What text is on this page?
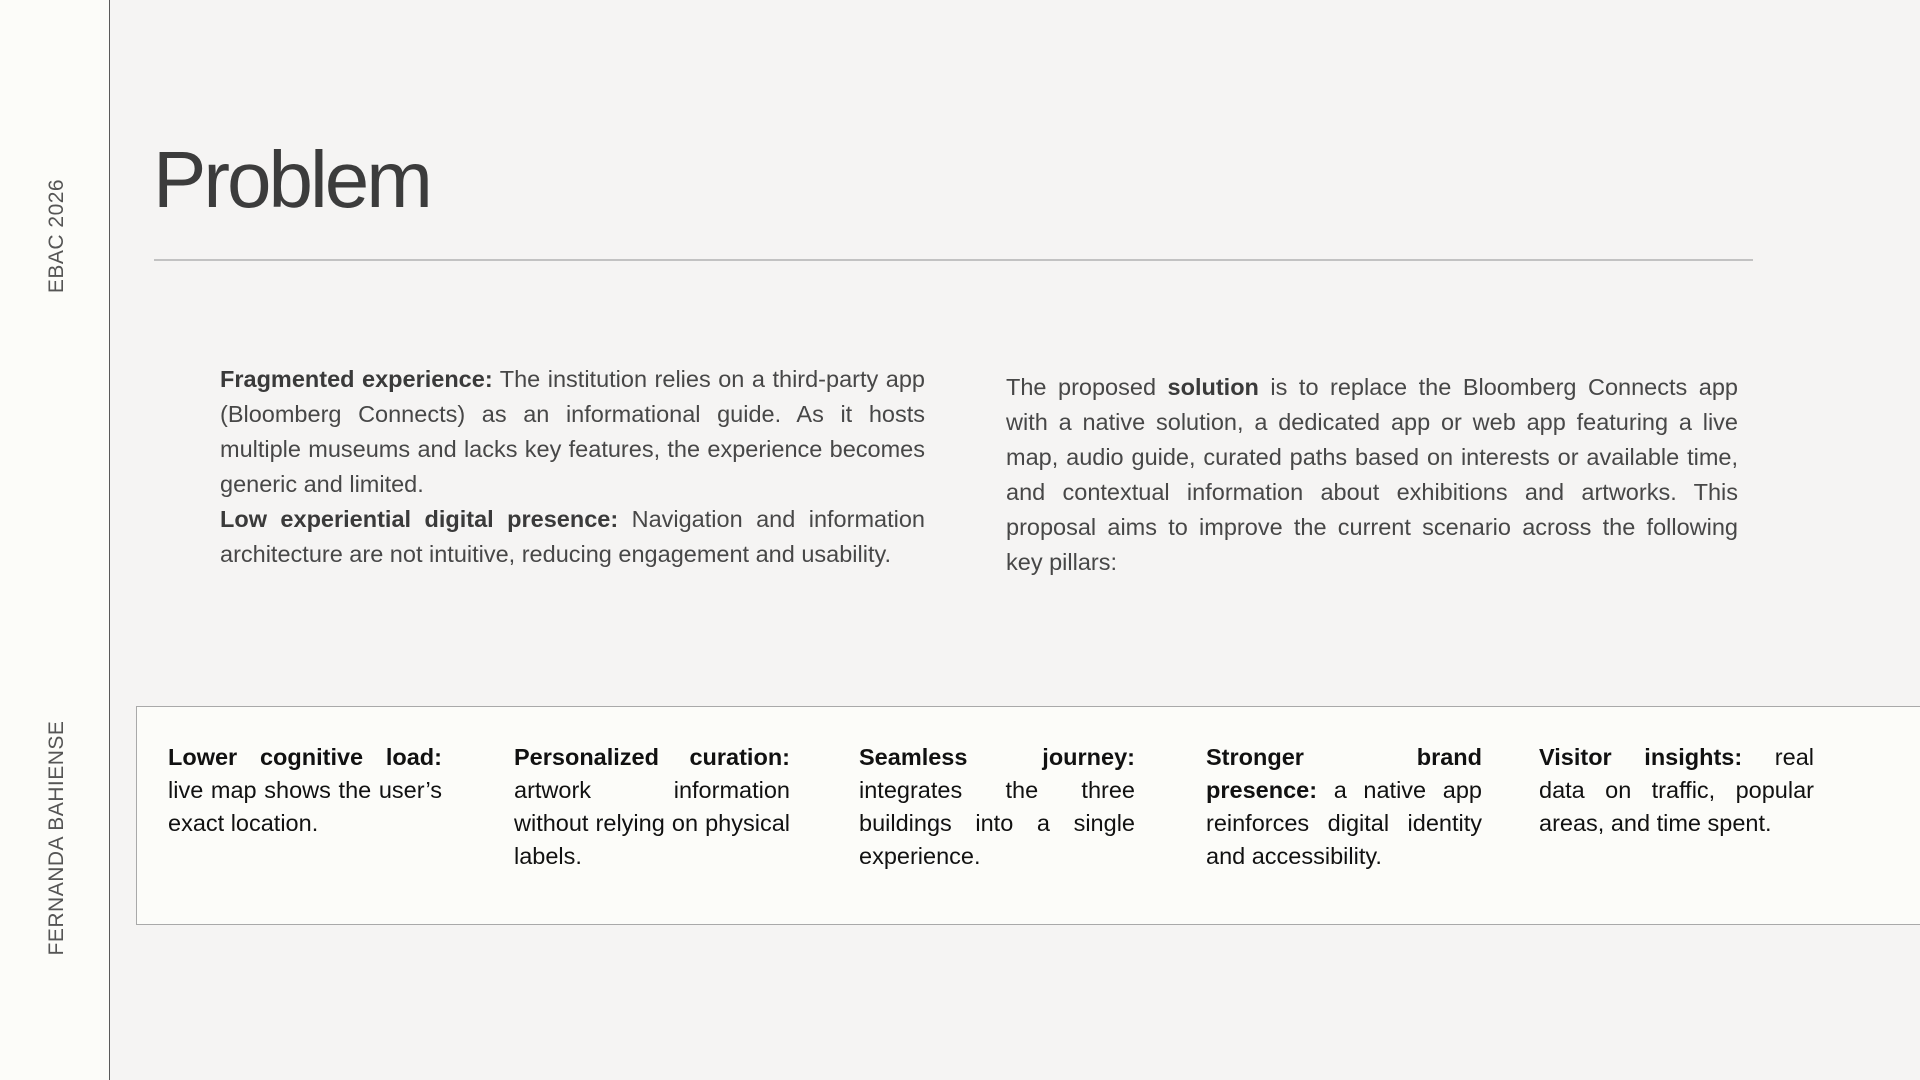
EBAC 2026
FERNANDA BAHIENSE
Problem

Fragmented experience: The institution relies on a third-party app (Bloomberg Connects) as an informational guide. As it hosts multiple museums and lacks key features, the experience becomes generic and limited.

Low experiential digital presence: Navigation and information architecture are not intuitive, reducing engagement and usability.

The proposed solution is to replace the Bloomberg Connects app with a native solution, a dedicated app or web app featuring a live map, audio guide, curated paths based on interests or available time, and contextual information about exhibitions and artworks. This proposal aims to improve the current scenario across the following key pillars:

Lower cognitive load: live map shows the user’s exact location.
Personalized curation: artwork information without relying on physical labels.
Seamless journey: integrates the three buildings into a single experience.
Stronger brand presence: a native app reinforces digital identity and accessibility.
Visitor insights: real data on traffic, popular areas, and time spent.
